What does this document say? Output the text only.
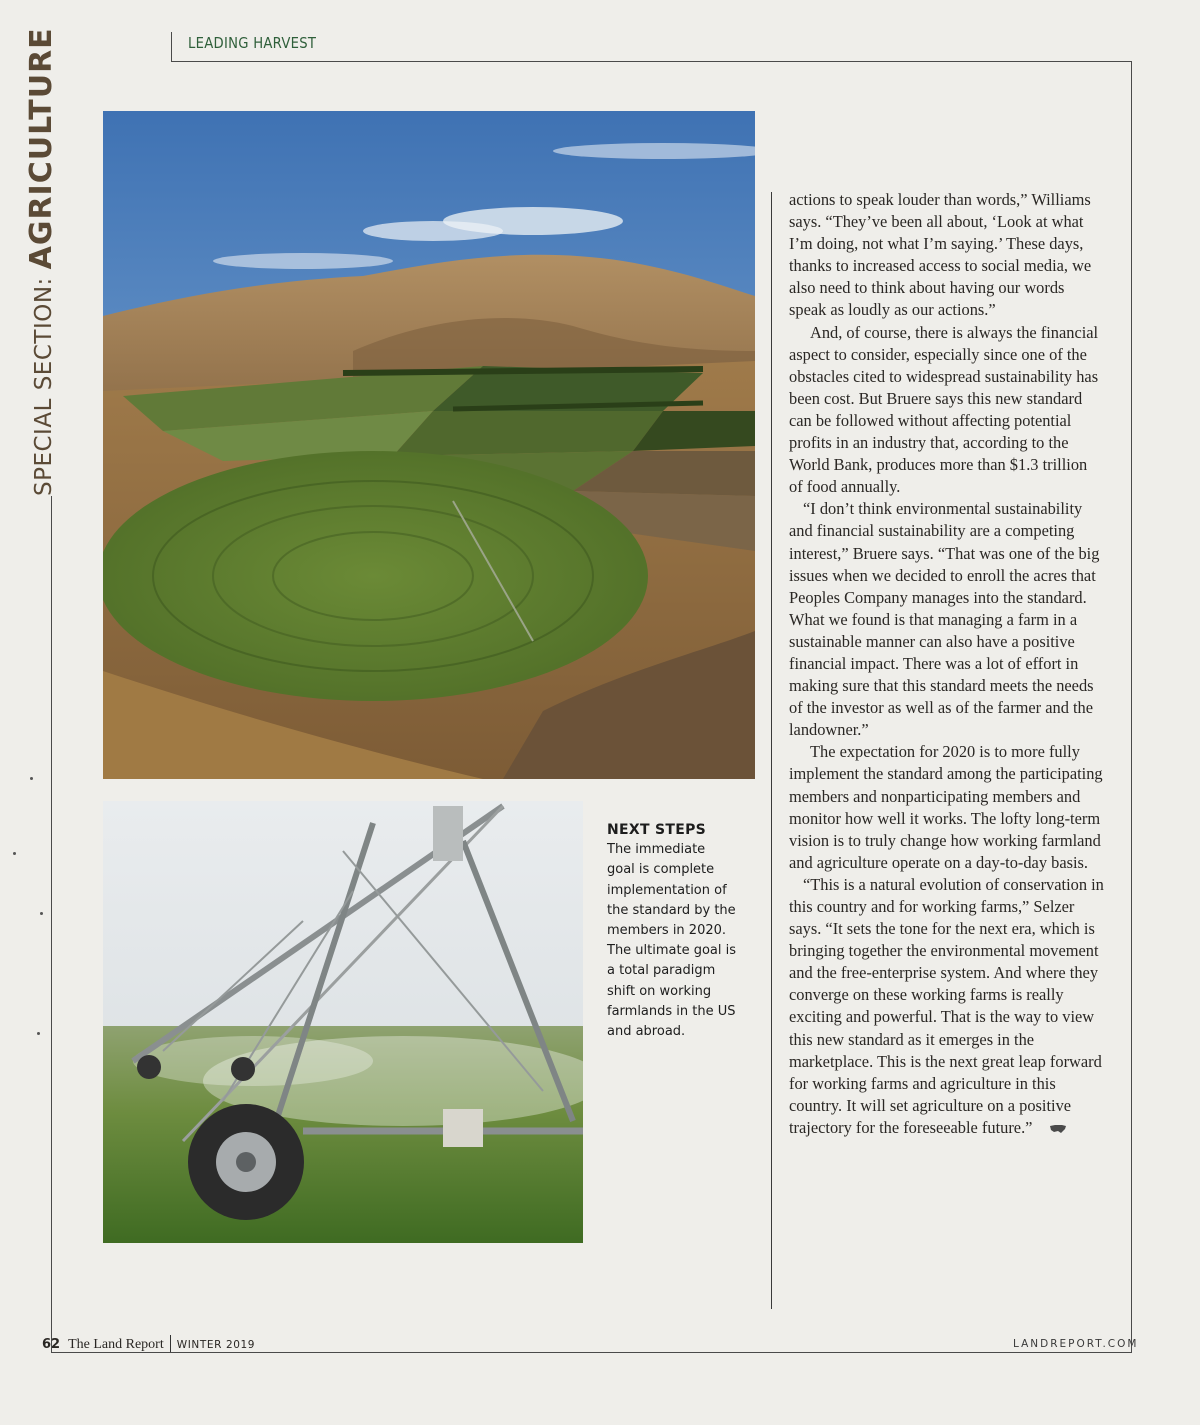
LEADING HARVEST
SPECIAL SECTION: AGRICULTURE
NEXT STEPS

The immediate goal is complete implementation of the standard by the members in 2020. The ultimate goal is a total paradigm shift on working farmlands in the US and abroad.

actions to speak louder than words,” Williams says. “They’ve been all about, ‘Look at what I’m doing, not what I’m saying.’ These days, thanks to increased access to social media, we also need to think about having our words speak as loudly as our actions.”

And, of course, there is always the financial aspect to consider, especially since one of the obstacles cited to widespread sustainability has been cost. But Bruere says this new standard can be followed without affecting potential profits in an industry that, according to the World Bank, produces more than $1.3 trillion of food annually.

“I don’t think environmental sustainability and financial sustainability are a competing interest,” Bruere says. “That was one of the big issues when we decided to enroll the acres that Peoples Company manages into the standard. What we found is that managing a farm in a sustainable manner can also have a positive financial impact. There was a lot of effort in making sure that this standard meets the needs of the investor as well as of the farmer and the landowner.”

The expectation for 2020 is to more fully implement the standard among the participating members and nonparticipating members and monitor how well it works. The lofty long-term vision is to truly change how working farmland and agriculture operate on a day-to-day basis.

“This is a natural evolution of conservation in this country and for working farms,” Selzer says. “It sets the tone for the next era, which is bringing together the environmental movement and the free-enterprise system. And where they converge on these working farms is really exciting and powerful. That is the way to view this new standard as it emerges in the marketplace. This is the next great leap forward for working farms and agriculture in this country. It will set agriculture on a positive trajectory for the foreseeable future.”

62 The Land Report WINTER 2019	LANDREPORT.COM
